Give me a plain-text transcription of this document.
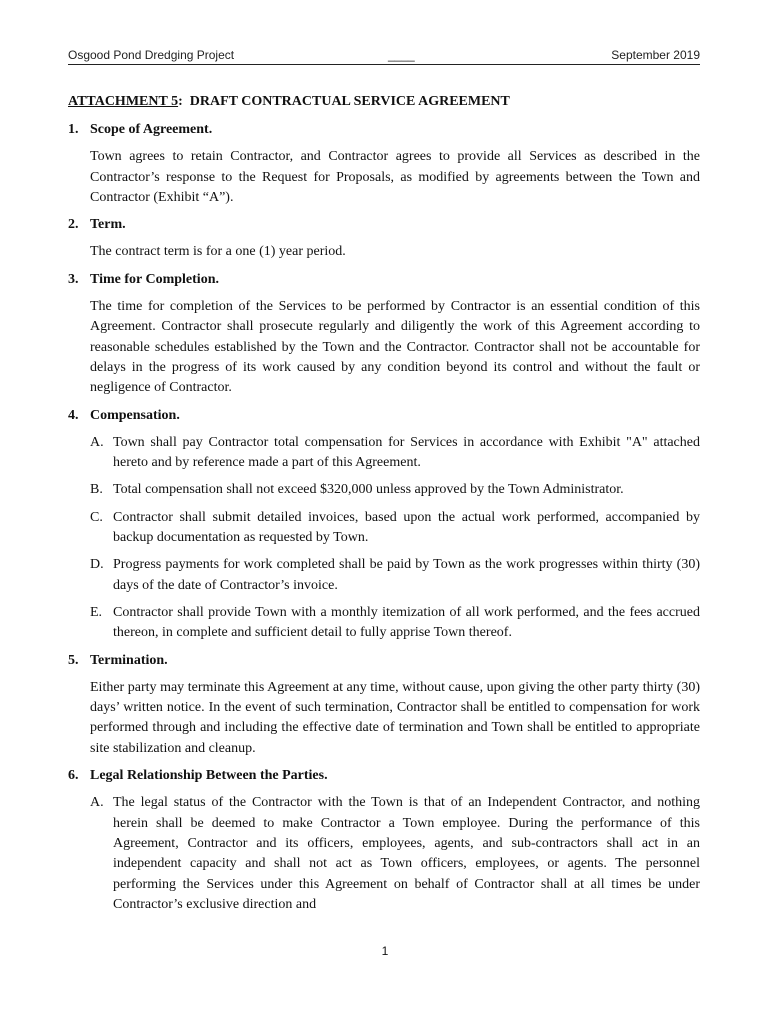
Osgood Pond Dredging Project	____	September 2019
ATTACHMENT 5: DRAFT CONTRACTUAL SERVICE AGREEMENT
1. Scope of Agreement.
Town agrees to retain Contractor, and Contractor agrees to provide all Services as described in the Contractor’s response to the Request for Proposals, as modified by agreements between the Town and Contractor (Exhibit “A”).
2. Term.
The contract term is for a one (1) year period.
3. Time for Completion.
The time for completion of the Services to be performed by Contractor is an essential condition of this Agreement. Contractor shall prosecute regularly and diligently the work of this Agreement according to reasonable schedules established by the Town and the Contractor. Contractor shall not be accountable for delays in the progress of its work caused by any condition beyond its control and without the fault or negligence of Contractor.
4. Compensation.
A. Town shall pay Contractor total compensation for Services in accordance with Exhibit "A" attached hereto and by reference made a part of this Agreement.
B. Total compensation shall not exceed $320,000 unless approved by the Town Administrator.
C. Contractor shall submit detailed invoices, based upon the actual work performed, accompanied by backup documentation as requested by Town.
D. Progress payments for work completed shall be paid by Town as the work progresses within thirty (30) days of the date of Contractor’s invoice.
E. Contractor shall provide Town with a monthly itemization of all work performed, and the fees accrued thereon, in complete and sufficient detail to fully apprise Town thereof.
5. Termination.
Either party may terminate this Agreement at any time, without cause, upon giving the other party thirty (30) days’ written notice. In the event of such termination, Contractor shall be entitled to compensation for work performed through and including the effective date of termination and Town shall be entitled to appropriate site stabilization and cleanup.
6. Legal Relationship Between the Parties.
A. The legal status of the Contractor with the Town is that of an Independent Contractor, and nothing herein shall be deemed to make Contractor a Town employee. During the performance of this Agreement, Contractor and its officers, employees, agents, and sub-contractors shall act in an independent capacity and shall not act as Town officers, employees, or agents. The personnel performing the Services under this Agreement on behalf of Contractor shall at all times be under Contractor’s exclusive direction and
1
